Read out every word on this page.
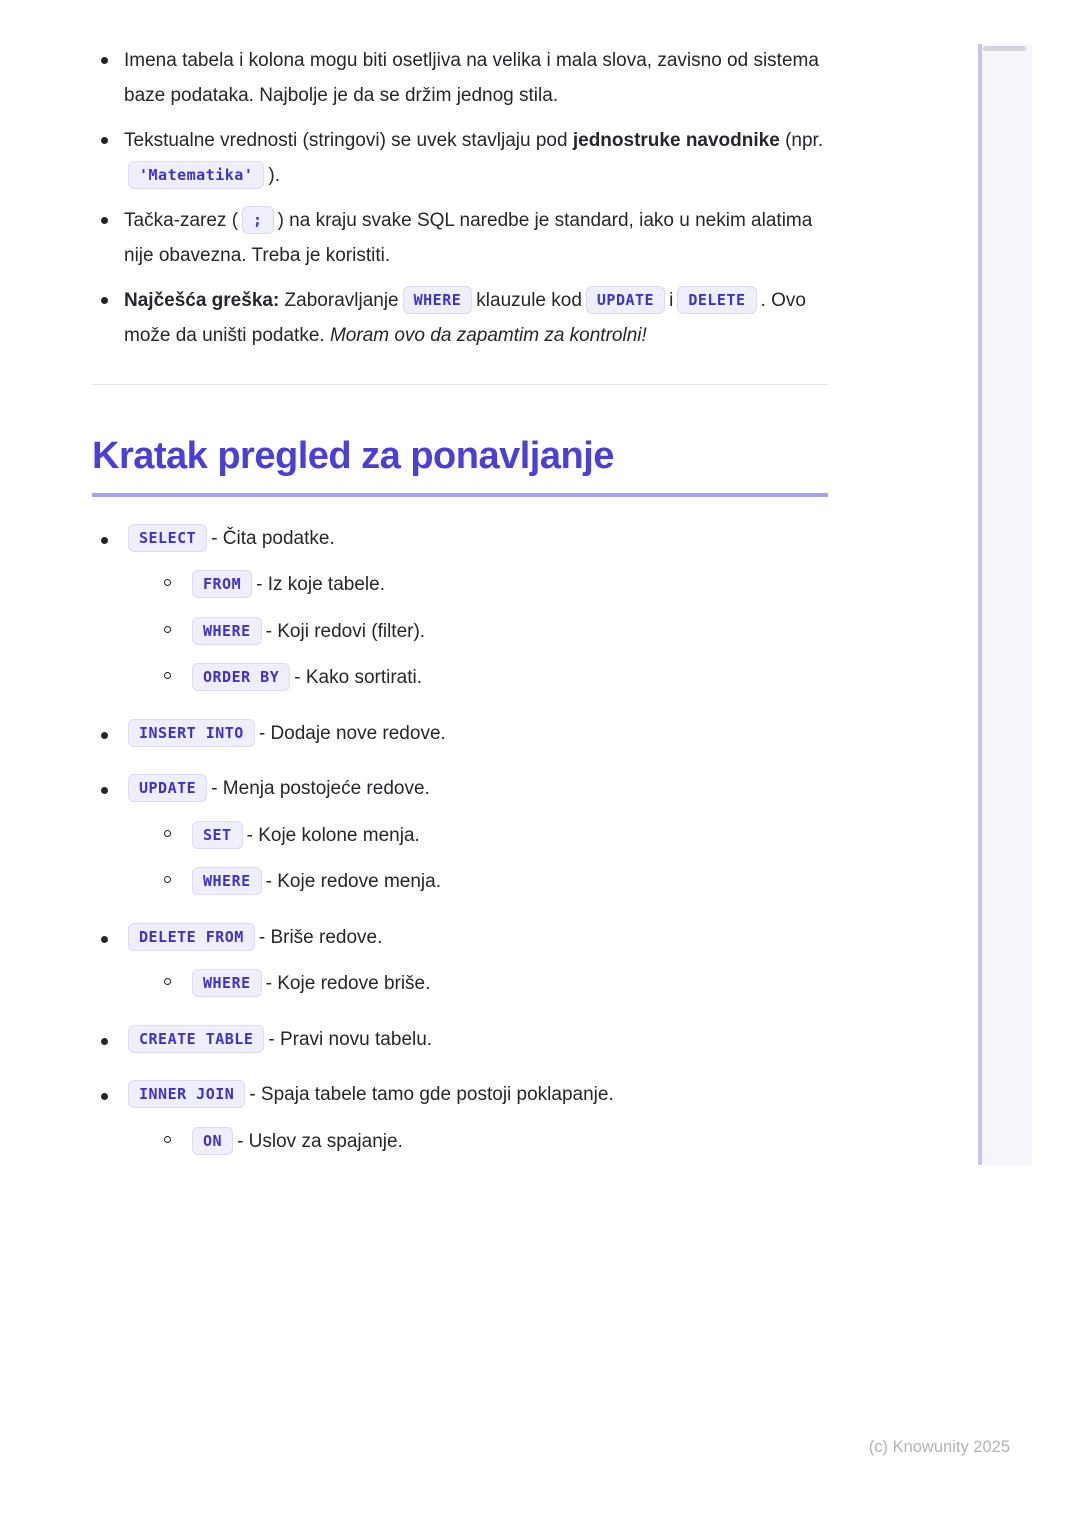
Imena tabela i kolona mogu biti osetljiva na velika i mala slova, zavisno od sistema baze podataka. Najbolje je da se držim jednog stila.
Tekstualne vrednosti (stringovi) se uvek stavljaju pod jednostruke navodnike (npr.'Matematika' ).
Tačka-zarez ( ; ) na kraju svake SQL naredbe je standard, iako u nekim alatima nije obavezna. Treba je koristiti.
Najčešća greška: Zaboravljanje WHERE klauzule kod UPDATE i DELETE . Ovo može da uništi podatke. Moram ovo da zapamtim za kontrolni!
Kratak pregled za ponavljanje
SELECT - Čita podatke.
FROM - Iz koje tabele.
WHERE - Koji redovi (filter).
ORDER BY - Kako sortirati.
INSERT INTO - Dodaje nove redove.
UPDATE - Menja postojeće redove.
SET - Koje kolone menja.
WHERE - Koje redove menja.
DELETE FROM - Briše redove.
WHERE - Koje redove briše.
CREATE TABLE - Pravi novu tabelu.
INNER JOIN - Spaja tabele tamo gde postoji poklapanje.
ON - Uslov za spajanje.
(c) Knowunity 2025
